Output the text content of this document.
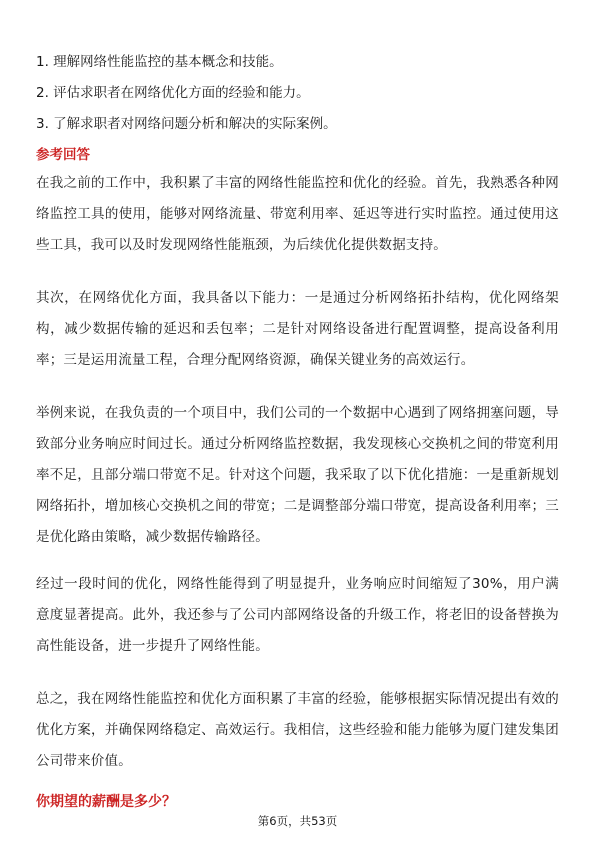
1. 理解网络性能监控的基本概念和技能。
2. 评估求职者在网络优化方面的经验和能力。
3. 了解求职者对网络问题分析和解决的实际案例。
参考回答
在我之前的工作中，我积累了丰富的网络性能监控和优化的经验。首先，我熟悉各种网络监控工具的使用，能够对网络流量、带宽利用率、延迟等进行实时监控。通过使用这些工具，我可以及时发现网络性能瓶颈，为后续优化提供数据支持。
其次，在网络优化方面，我具备以下能力：一是通过分析网络拓扑结构，优化网络架构，减少数据传输的延迟和丢包率；二是针对网络设备进行配置调整，提高设备利用率；三是运用流量工程，合理分配网络资源，确保关键业务的高效运行。
举例来说，在我负责的一个项目中，我们公司的一个数据中心遇到了网络拥塞问题，导致部分业务响应时间过长。通过分析网络监控数据，我发现核心交换机之间的带宽利用率不足，且部分端口带宽不足。针对这个问题，我采取了以下优化措施：一是重新规划网络拓扑，增加核心交换机之间的带宽；二是调整部分端口带宽，提高设备利用率；三是优化路由策略，减少数据传输路径。
经过一段时间的优化，网络性能得到了明显提升，业务响应时间缩短了30%，用户满意度显著提高。此外，我还参与了公司内部网络设备的升级工作，将老旧的设备替换为高性能设备，进一步提升了网络性能。
总之，我在网络性能监控和优化方面积累了丰富的经验，能够根据实际情况提出有效的优化方案，并确保网络稳定、高效运行。我相信，这些经验和能力能够为厦门建发集团公司带来价值。
你期望的薪酬是多少？
第6页，共53页
